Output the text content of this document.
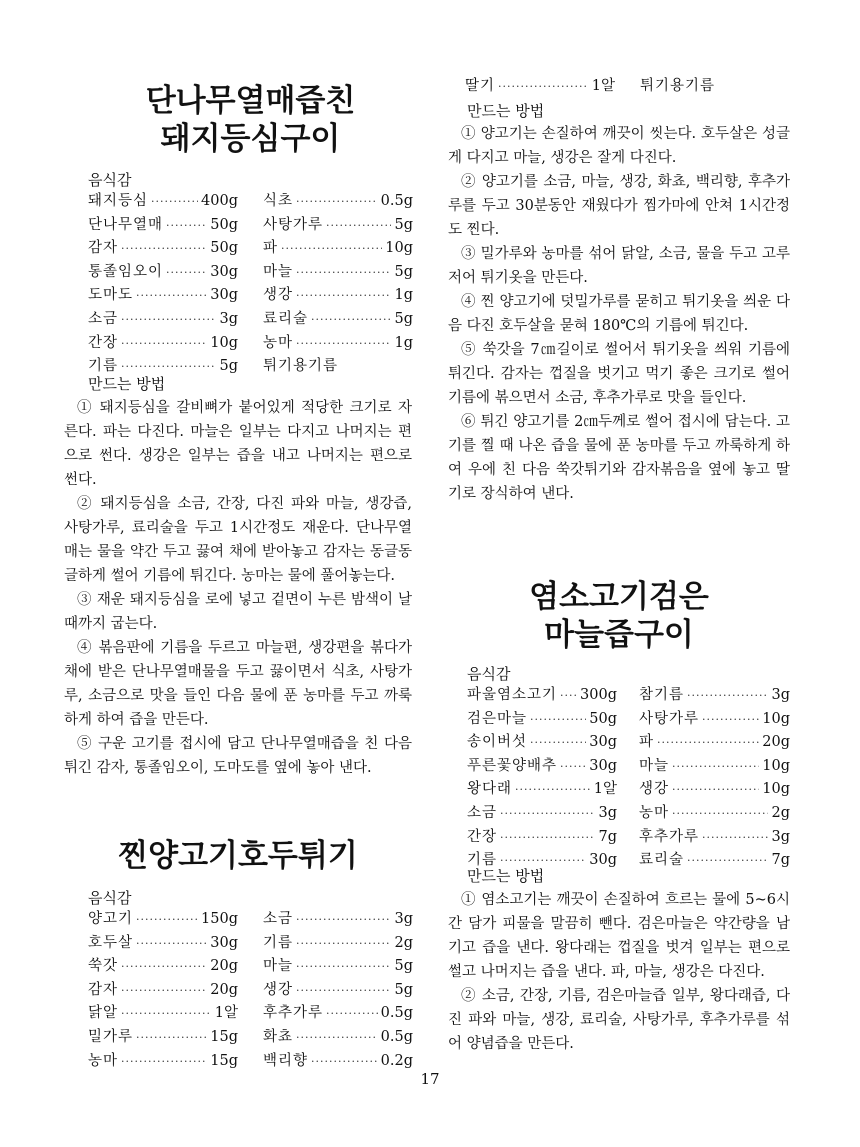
단나무열매즙친
돼지등심구이
음식감
돼지등심 ·····	400g 식초 ·····	0.5g
단나무열매 ·····	50g 사탕가루 ·····	5g
감자 ·····	50g 파 ·····	10g
통졸임오이 ·····	30g 마늘 ·····	5g
도마도 ·····	30g 생강 ·····	1g
소금 ·····	3g 료리술 ·····	5g
간장 ·····	10g 농마 ·····	1g
기름 ·····	5g 튀기용기름
만드는 방법

① 돼지등심을 갈비뼈가 붙어있게 적당한 크기로 자른다. 파는 다진다. 마늘은 일부는 다지고 나머지는 편으로 썬다. 생강은 일부는 즙을 내고 나머지는 편으로 썬다.

② 돼지등심을 소금, 간장, 다진 파와 마늘, 생강즙, 사탕가루, 료리술을 두고 1시간정도 재운다. 단나무열매는 물을 약간 두고 끓여 채에 받아놓고 감자는 동글동글하게 썰어 기름에 튀긴다. 농마는 물에 풀어놓는다.

③ 재운 돼지등심을 로에 넣고 겉면이 누른 밤색이 날 때까지 굽는다.

④ 볶음판에 기름을 두르고 마늘편, 생강편을 볶다가 채에 받은 단나무열매물을 두고 끓이면서 식초, 사탕가루, 소금으로 맛을 들인 다음 물에 푼 농마를 두고 까룩하게 하여 즙을 만든다.

⑤ 구운 고기를 접시에 담고 단나무열매즙을 친 다음 튀긴 감자, 통졸임오이, 도마도를 옆에 놓아 낸다.

찐양고기호두튀기
음식감
양고기 ·····	150g 소금 ·····	3g
호두살 ·····	30g 기름 ·····	2g
쑥갓 ·····	20g 마늘 ·····	5g
감자 ·····	20g 생강 ·····	5g
닭알 ·····	1알 후추가루 ·····	0.5g
밀가루 ·····	15g 화쵸 ·····	0.5g
농마 ·····	15g 백리향 ·····	0.2g
딸기 ·····	1알 튀기용기름
만드는 방법

① 양고기는 손질하여 깨끗이 씻는다. 호두살은 성글게 다지고 마늘, 생강은 잘게 다진다.

② 양고기를 소금, 마늘, 생강, 화쵸, 백리향, 후추가루를 두고 30분동안 재웠다가 찜가마에 안쳐 1시간정도 찐다.

③ 밀가루와 농마를 섞어 닭알, 소금, 물을 두고 고루 저어 튀기옷을 만든다.

④ 찐 양고기에 덧밀가루를 묻히고 튀기옷을 씌운 다음 다진 호두살을 묻혀 180℃의 기름에 튀긴다.

⑤ 쑥갓을 7㎝길이로 썰어서 튀기옷을 씌워 기름에 튀긴다. 감자는 껍질을 벗기고 먹기 좋은 크기로 썰어 기름에 볶으면서 소금, 후추가루로 맛을 들인다.

⑥ 튀긴 양고기를 2㎝두께로 썰어 접시에 담는다. 고기를 찔 때 나온 즙을 물에 푼 농마를 두고 까룩하게 하여 우에 친 다음 쑥갓튀기와 감자볶음을 옆에 놓고 딸기로 장식하여 낸다.

염소고기검은
마늘즙구이
음식감
파울염소고기 ····· 300g 참기름 ·····	3g
검은마늘 ·····	50g 사탕가루 ·····	10g
송이버섯 ·····	30g 파 ·····	20g
푸른꽃양배추 ····· 30g 마늘 ·····	10g
왕다래 ·····	1알 생강 ·····	10g
소금 ·····	3g 농마 ·····	2g
간장 ·····	7g 후추가루 ·····	3g
기름 ·····	30g 료리술 ·····	7g
만드는 방법

① 염소고기는 깨끗이 손질하여 흐르는 물에 5~6시간 담가 피물을 말끔히 뺀다. 검은마늘은 약간량을 남기고 즙을 낸다. 왕다래는 껍질을 벗겨 일부는 편으로 썰고 나머지는 즙을 낸다. 파, 마늘, 생강은 다진다.

② 소금, 간장, 기름, 검은마늘즙 일부, 왕다래즙, 다진 파와 마늘, 생강, 료리술, 사탕가루, 후추가루를 섞어 양념즙을 만든다.

17
